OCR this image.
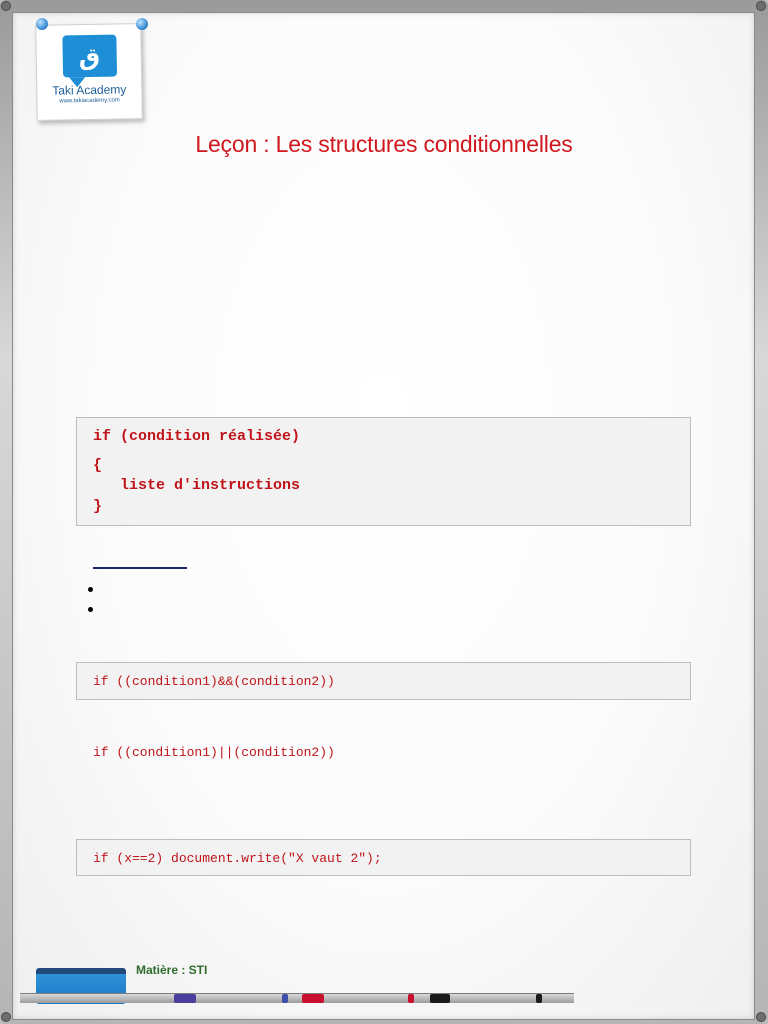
ق
Taki Academy
www.takiacademy.com
Leçon : Les structures conditionnelles
if (condition réalisée)
{
liste d'instructions
}

if ((condition1)&&(condition2))

if ((condition1)||(condition2))

if (x==2) document.write("X vaut 2");

Matière : STI
